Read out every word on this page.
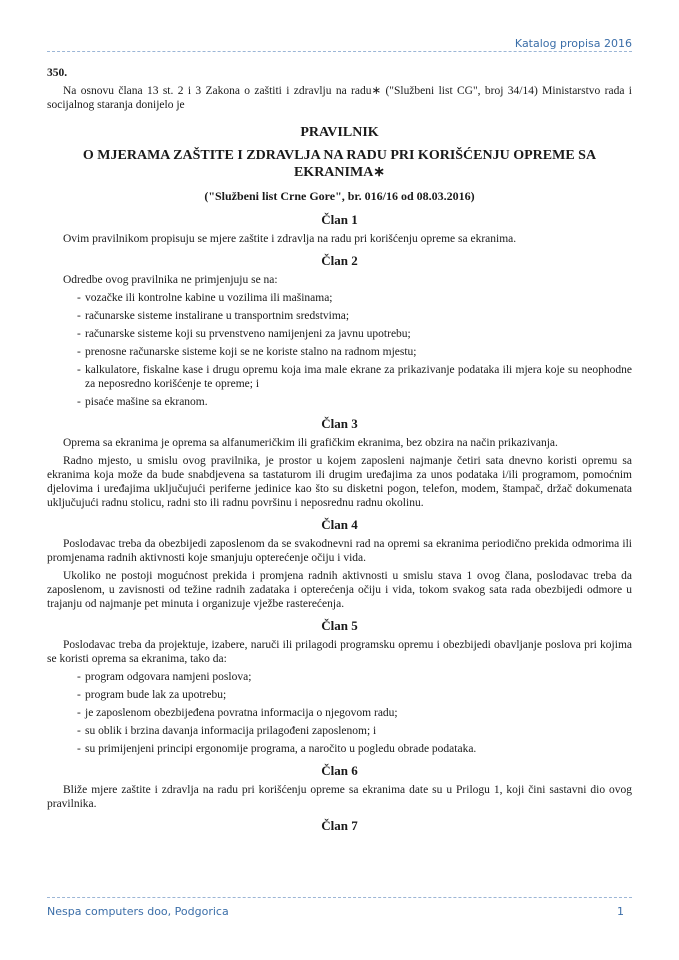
Katalog propisa 2016

350.

Na osnovu člana 13 st. 2 i 3 Zakona o zaštiti i zdravlju na radu∗ ("Službeni list CG", broj 34/14) Ministarstvo rada i socijalnog staranja donijelo je

PRAVILNIK
O MJERAMA ZAŠTITE I ZDRAVLJA NA RADU PRI KORIŠĆENJU OPREME SA EKRANIMA∗
("Službeni list Crne Gore", br. 016/16 od 08.03.2016)
Član 1

Ovim pravilnikom propisuju se mjere zaštite i zdravlja na radu pri korišćenju opreme sa ekranima.

Član 2

Odredbe ovog pravilnika ne primjenjuju se na:

- vozačke ili kontrolne kabine u vozilima ili mašinama;
- računarske sisteme instalirane u transportnim sredstvima;
- računarske sisteme koji su prvenstveno namijenjeni za javnu upotrebu;
- prenosne računarske sisteme koji se ne koriste stalno na radnom mjestu;
- kalkulatore, fiskalne kase i drugu opremu koja ima male ekrane za prikazivanje podataka ili mjera koje su neophodne za neposredno korišćenje te opreme; i
- pisaće mašine sa ekranom.
Član 3

Oprema sa ekranima je oprema sa alfanumeričkim ili grafičkim ekranima, bez obzira na način prikazivanja.

Radno mjesto, u smislu ovog pravilnika, je prostor u kojem zaposleni najmanje četiri sata dnevno koristi opremu sa ekranima koja može da bude snabdjevena sa tastaturom ili drugim uređajima za unos podataka i/ili programom, pomoćnim djelovima i uređajima uključujući periferne jedinice kao što su disketni pogon, telefon, modem, štampač, držač dokumenata uključujući radnu stolicu, radni sto ili radnu površinu i neposrednu radnu okolinu.

Član 4

Poslodavac treba da obezbijedi zaposlenom da se svakodnevni rad na opremi sa ekranima periodično prekida odmorima ili promjenama radnih aktivnosti koje smanjuju opterećenje očiju i vida.

Ukoliko ne postoji mogućnost prekida i promjena radnih aktivnosti u smislu stava 1 ovog člana, poslodavac treba da zaposlenom, u zavisnosti od težine radnih zadataka i opterećenja očiju i vida, tokom svakog sata rada obezbijedi odmore u trajanju od najmanje pet minuta i organizuje vježbe rasterećenja.

Član 5

Poslodavac treba da projektuje, izabere, naruči ili prilagodi programsku opremu i obezbijedi obavljanje poslova pri kojima se koristi oprema sa ekranima, tako da:

- program odgovara namjeni poslova;
- program bude lak za upotrebu;
- je zaposlenom obezbijeđena povratna informacija o njegovom radu;
- su oblik i brzina davanja informacija prilagođeni zaposlenom; i
- su primijenjeni principi ergonomije programa, a naročito u pogledu obrade podataka.
Član 6

Bliže mjere zaštite i zdravlja na radu pri korišćenju opreme sa ekranima date su u Prilogu 1, koji čini sastavni dio ovog pravilnika.

Član 7
Nespa computers doo, Podgorica	1
